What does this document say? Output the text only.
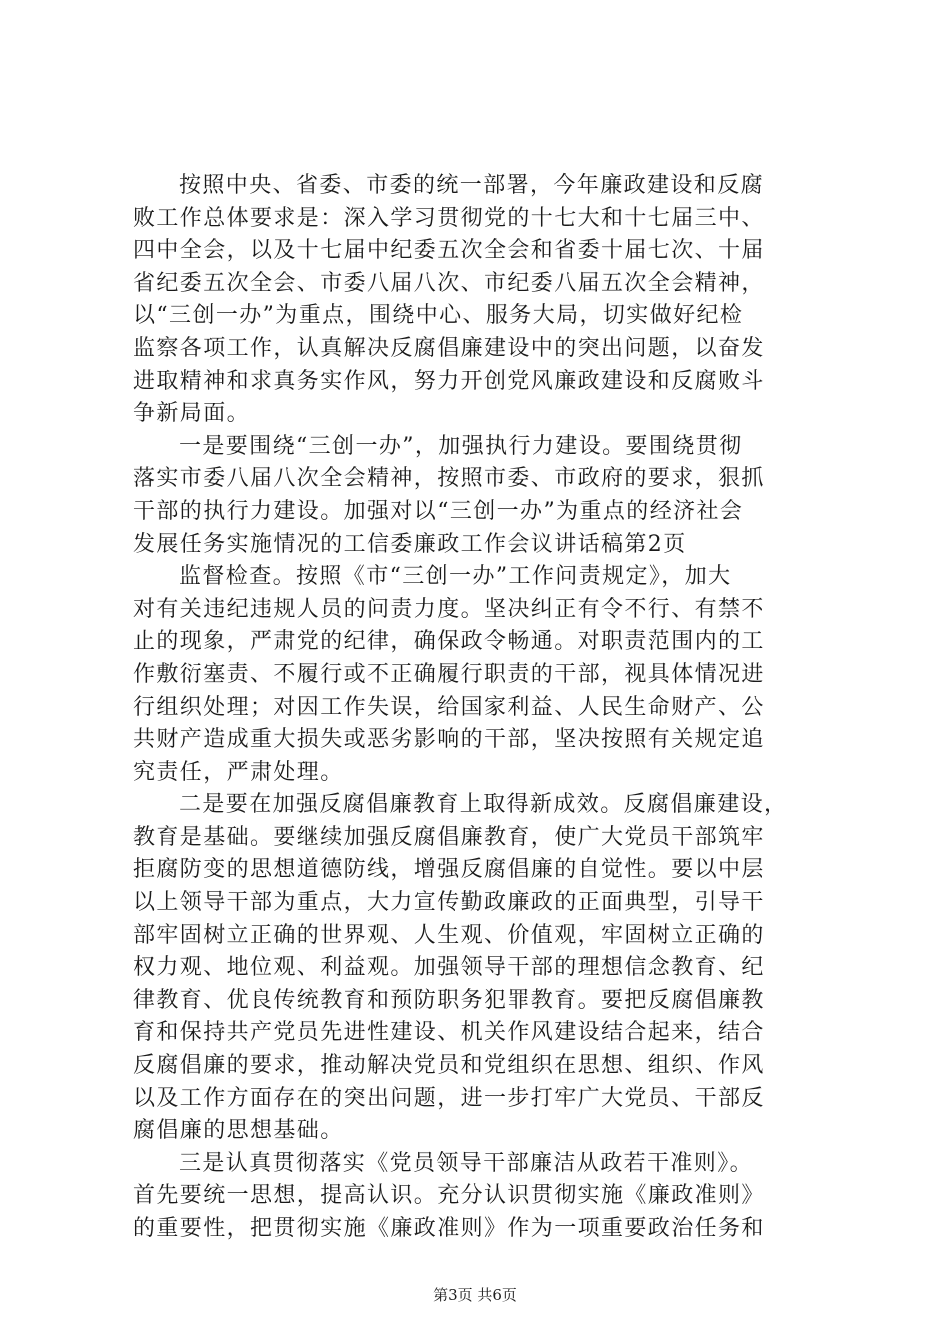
按照中央、省委、市委的统一部署，今年廉政建设和反腐
败工作总体要求是：深入学习贯彻党的十七大和十七届三中、
四中全会，以及十七届中纪委五次全会和省委十届七次、十届
省纪委五次全会、市委八届八次、市纪委八届五次全会精神，
以“三创一办”为重点，围绕中心、服务大局，切实做好纪检
监察各项工作，认真解决反腐倡廉建设中的突出问题，以奋发
进取精神和求真务实作风，努力开创党风廉政建设和反腐败斗
争新局面。
一是要围绕“三创一办”，加强执行力建设。要围绕贯彻
落实市委八届八次全会精神，按照市委、市政府的要求，狠抓
干部的执行力建设。加强对以“三创一办”为重点的经济社会
发展任务实施情况的工信委廉政工作会议讲话稿第2页
监督检查。按照《市“三创一办”工作问责规定》，加大
对有关违纪违规人员的问责力度。坚决纠正有令不行、有禁不
止的现象，严肃党的纪律，确保政令畅通。对职责范围内的工
作敷衍塞责、不履行或不正确履行职责的干部，视具体情况进
行组织处理；对因工作失误，给国家利益、人民生命财产、公
共财产造成重大损失或恶劣影响的干部，坚决按照有关规定追
究责任，严肃处理。
二是要在加强反腐倡廉教育上取得新成效。反腐倡廉建设，
教育是基础。要继续加强反腐倡廉教育，使广大党员干部筑牢
拒腐防变的思想道德防线，增强反腐倡廉的自觉性。要以中层
以上领导干部为重点，大力宣传勤政廉政的正面典型，引导干
部牢固树立正确的世界观、人生观、价值观，牢固树立正确的
权力观、地位观、利益观。加强领导干部的理想信念教育、纪
律教育、优良传统教育和预防职务犯罪教育。要把反腐倡廉教
育和保持共产党员先进性建设、机关作风建设结合起来，结合
反腐倡廉的要求，推动解决党员和党组织在思想、组织、作风
以及工作方面存在的突出问题，进一步打牢广大党员、干部反
腐倡廉的思想基础。
三是认真贯彻落实《党员领导干部廉洁从政若干准则》。
首先要统一思想，提高认识。充分认识贯彻实施《廉政准则》
的重要性，把贯彻实施《廉政准则》作为一项重要政治任务和
第3页 共6页
